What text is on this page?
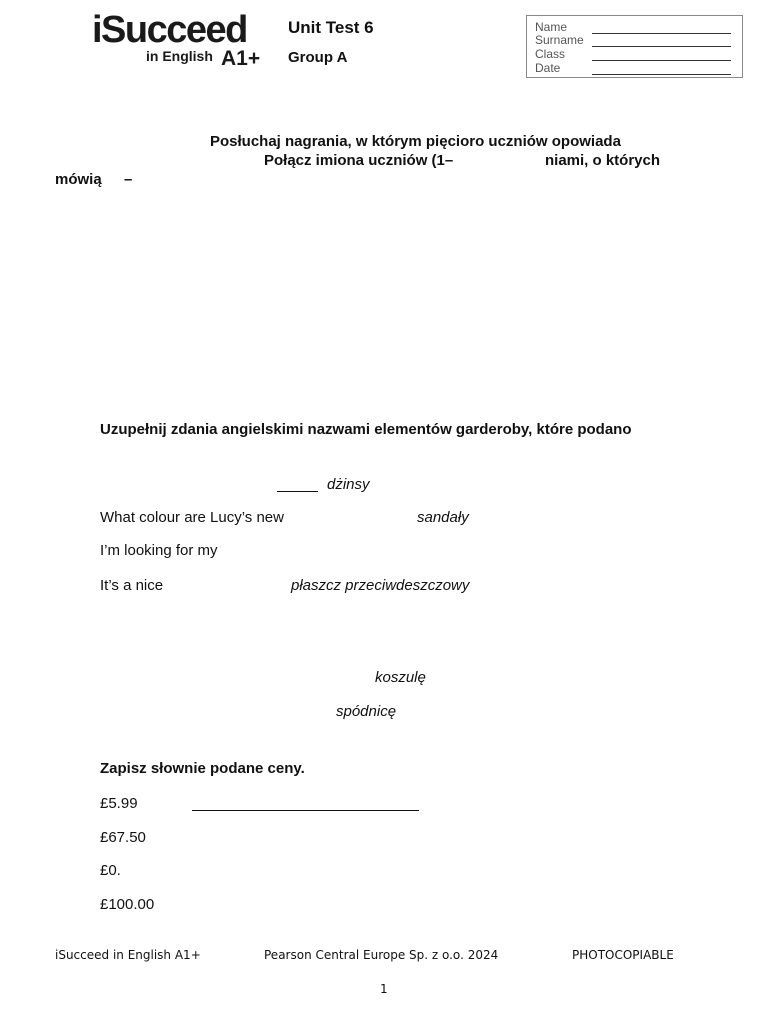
iSucceed
in English A1+
Unit Test 6
Group A
Name
Surname
Class
Date
Posłuchaj nagrania, w którym pięcioro uczniów opowiada
Połącz imiona uczniów (1–	niami, o których
mówią –
Uzupełnij zdania angielskimi nazwami elementów garderoby, które podano
dżinsy
What colour are Lucy’s new	sandały
I’m looking for my
It’s a nice	płaszcz przeciwdeszczowy
koszulę
spódnicę
Zapisz słownie podane ceny.
£5.99
£67.50
£0.
£100.00
iSucceed in English A1+	Pearson Central Europe Sp. z o.o. 2024	PHOTOCOPIABLE
1
